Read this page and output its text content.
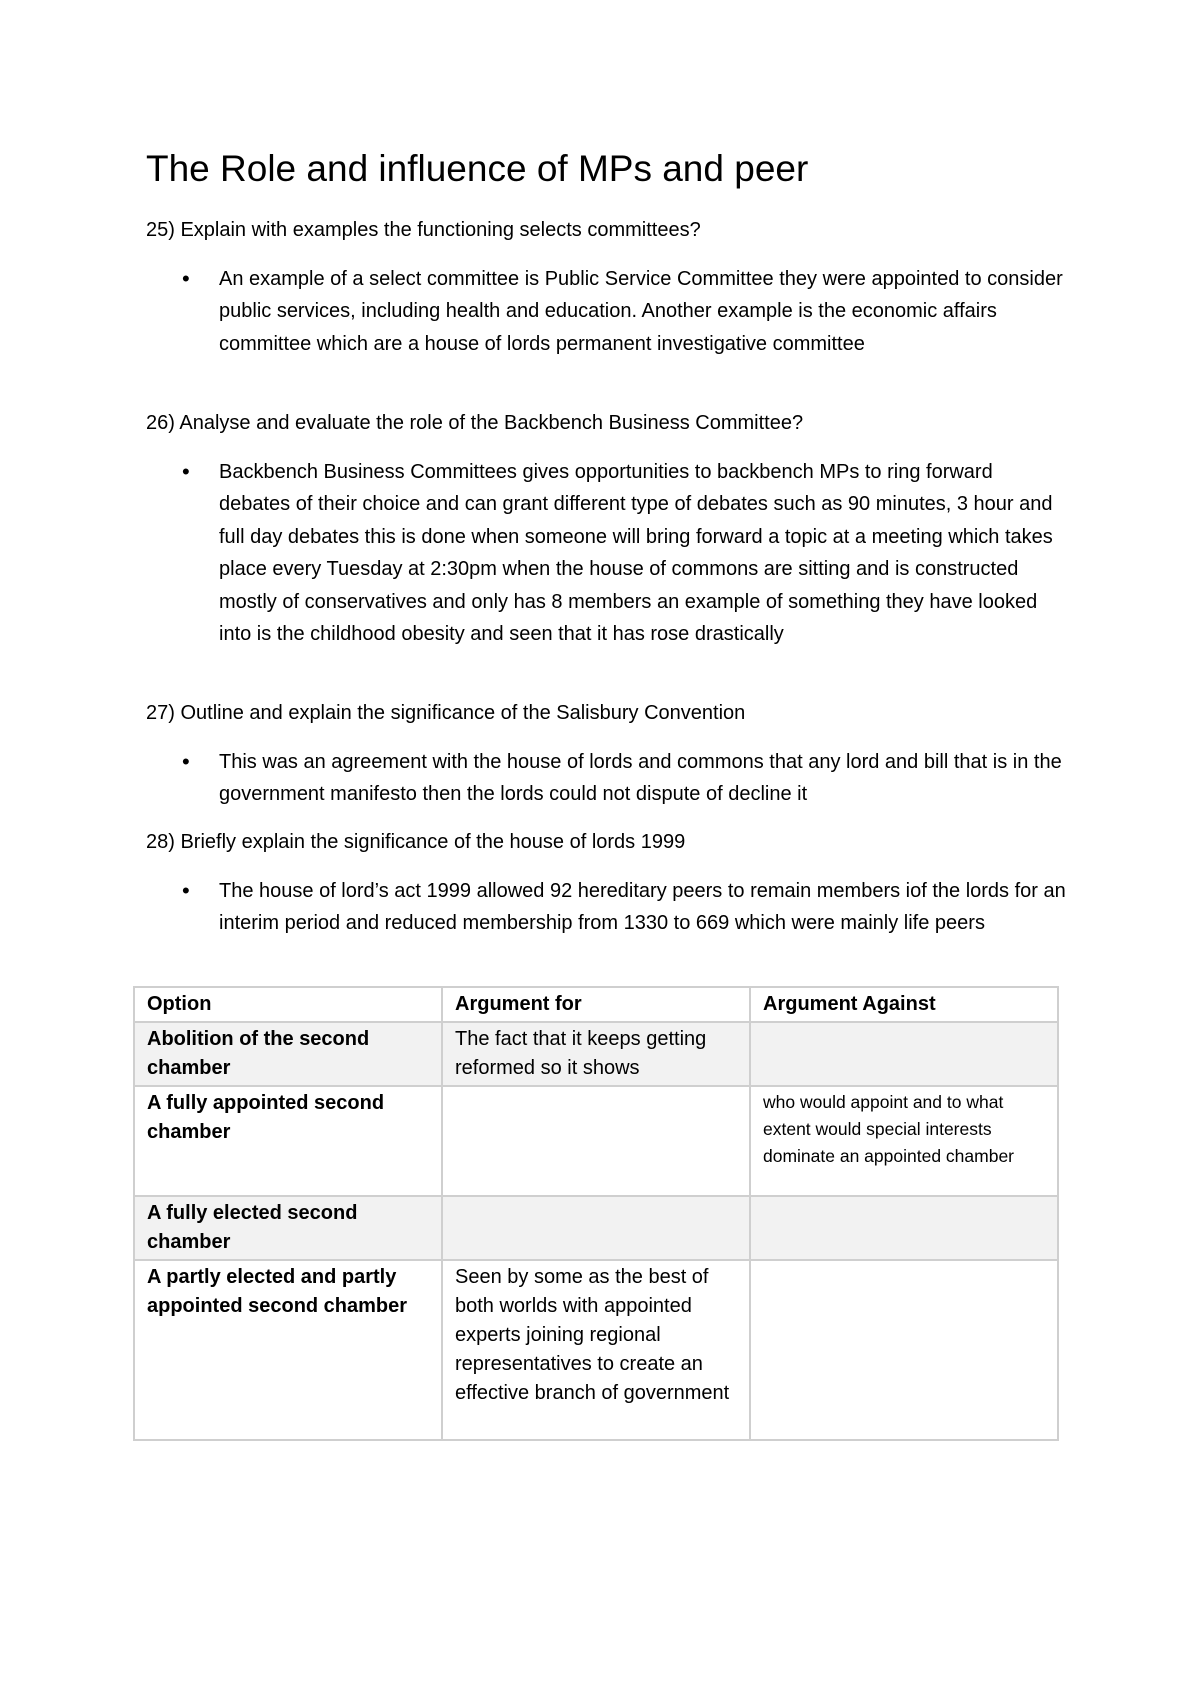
The Role and influence of MPs and peer
25) Explain with examples the functioning selects committees?
• An example of a select committee is Public Service Committee they were appointed to consider public services, including health and education. Another example is the economic affairs committee which are a house of lords permanent investigative committee
26) Analyse and evaluate the role of the Backbench Business Committee?
• Backbench Business Committees gives opportunities to backbench MPs to ring forward debates of their choice and can grant different type of debates such as 90 minutes, 3 hour and full day debates this is done when someone will bring forward a topic at a meeting which takes place every Tuesday at 2:30pm when the house of commons are sitting and is constructed mostly of conservatives and only has 8 members an example of something they have looked into is the childhood obesity and seen that it has rose drastically
27) Outline and explain the significance of the Salisbury Convention
• This was an agreement with the house of lords and commons that any lord and bill that is in the government manifesto then the lords could not dispute of decline it
28) Briefly explain the significance of the house of lords 1999
• The house of lord’s act 1999 allowed 92 hereditary peers to remain members iof the lords for an interim period and reduced membership from 1330 to 669 which were mainly life peers
Option	Argument for	Argument Against
Abolition of the second chamber	The fact that it keeps getting reformed so it shows	
A fully appointed second chamber		who would appoint and to what extent would special interests dominate an appointed chamber
A fully elected second chamber		
A partly elected and partly appointed second chamber	Seen by some as the best of both worlds with appointed experts joining regional representatives to create an effective branch of government	
